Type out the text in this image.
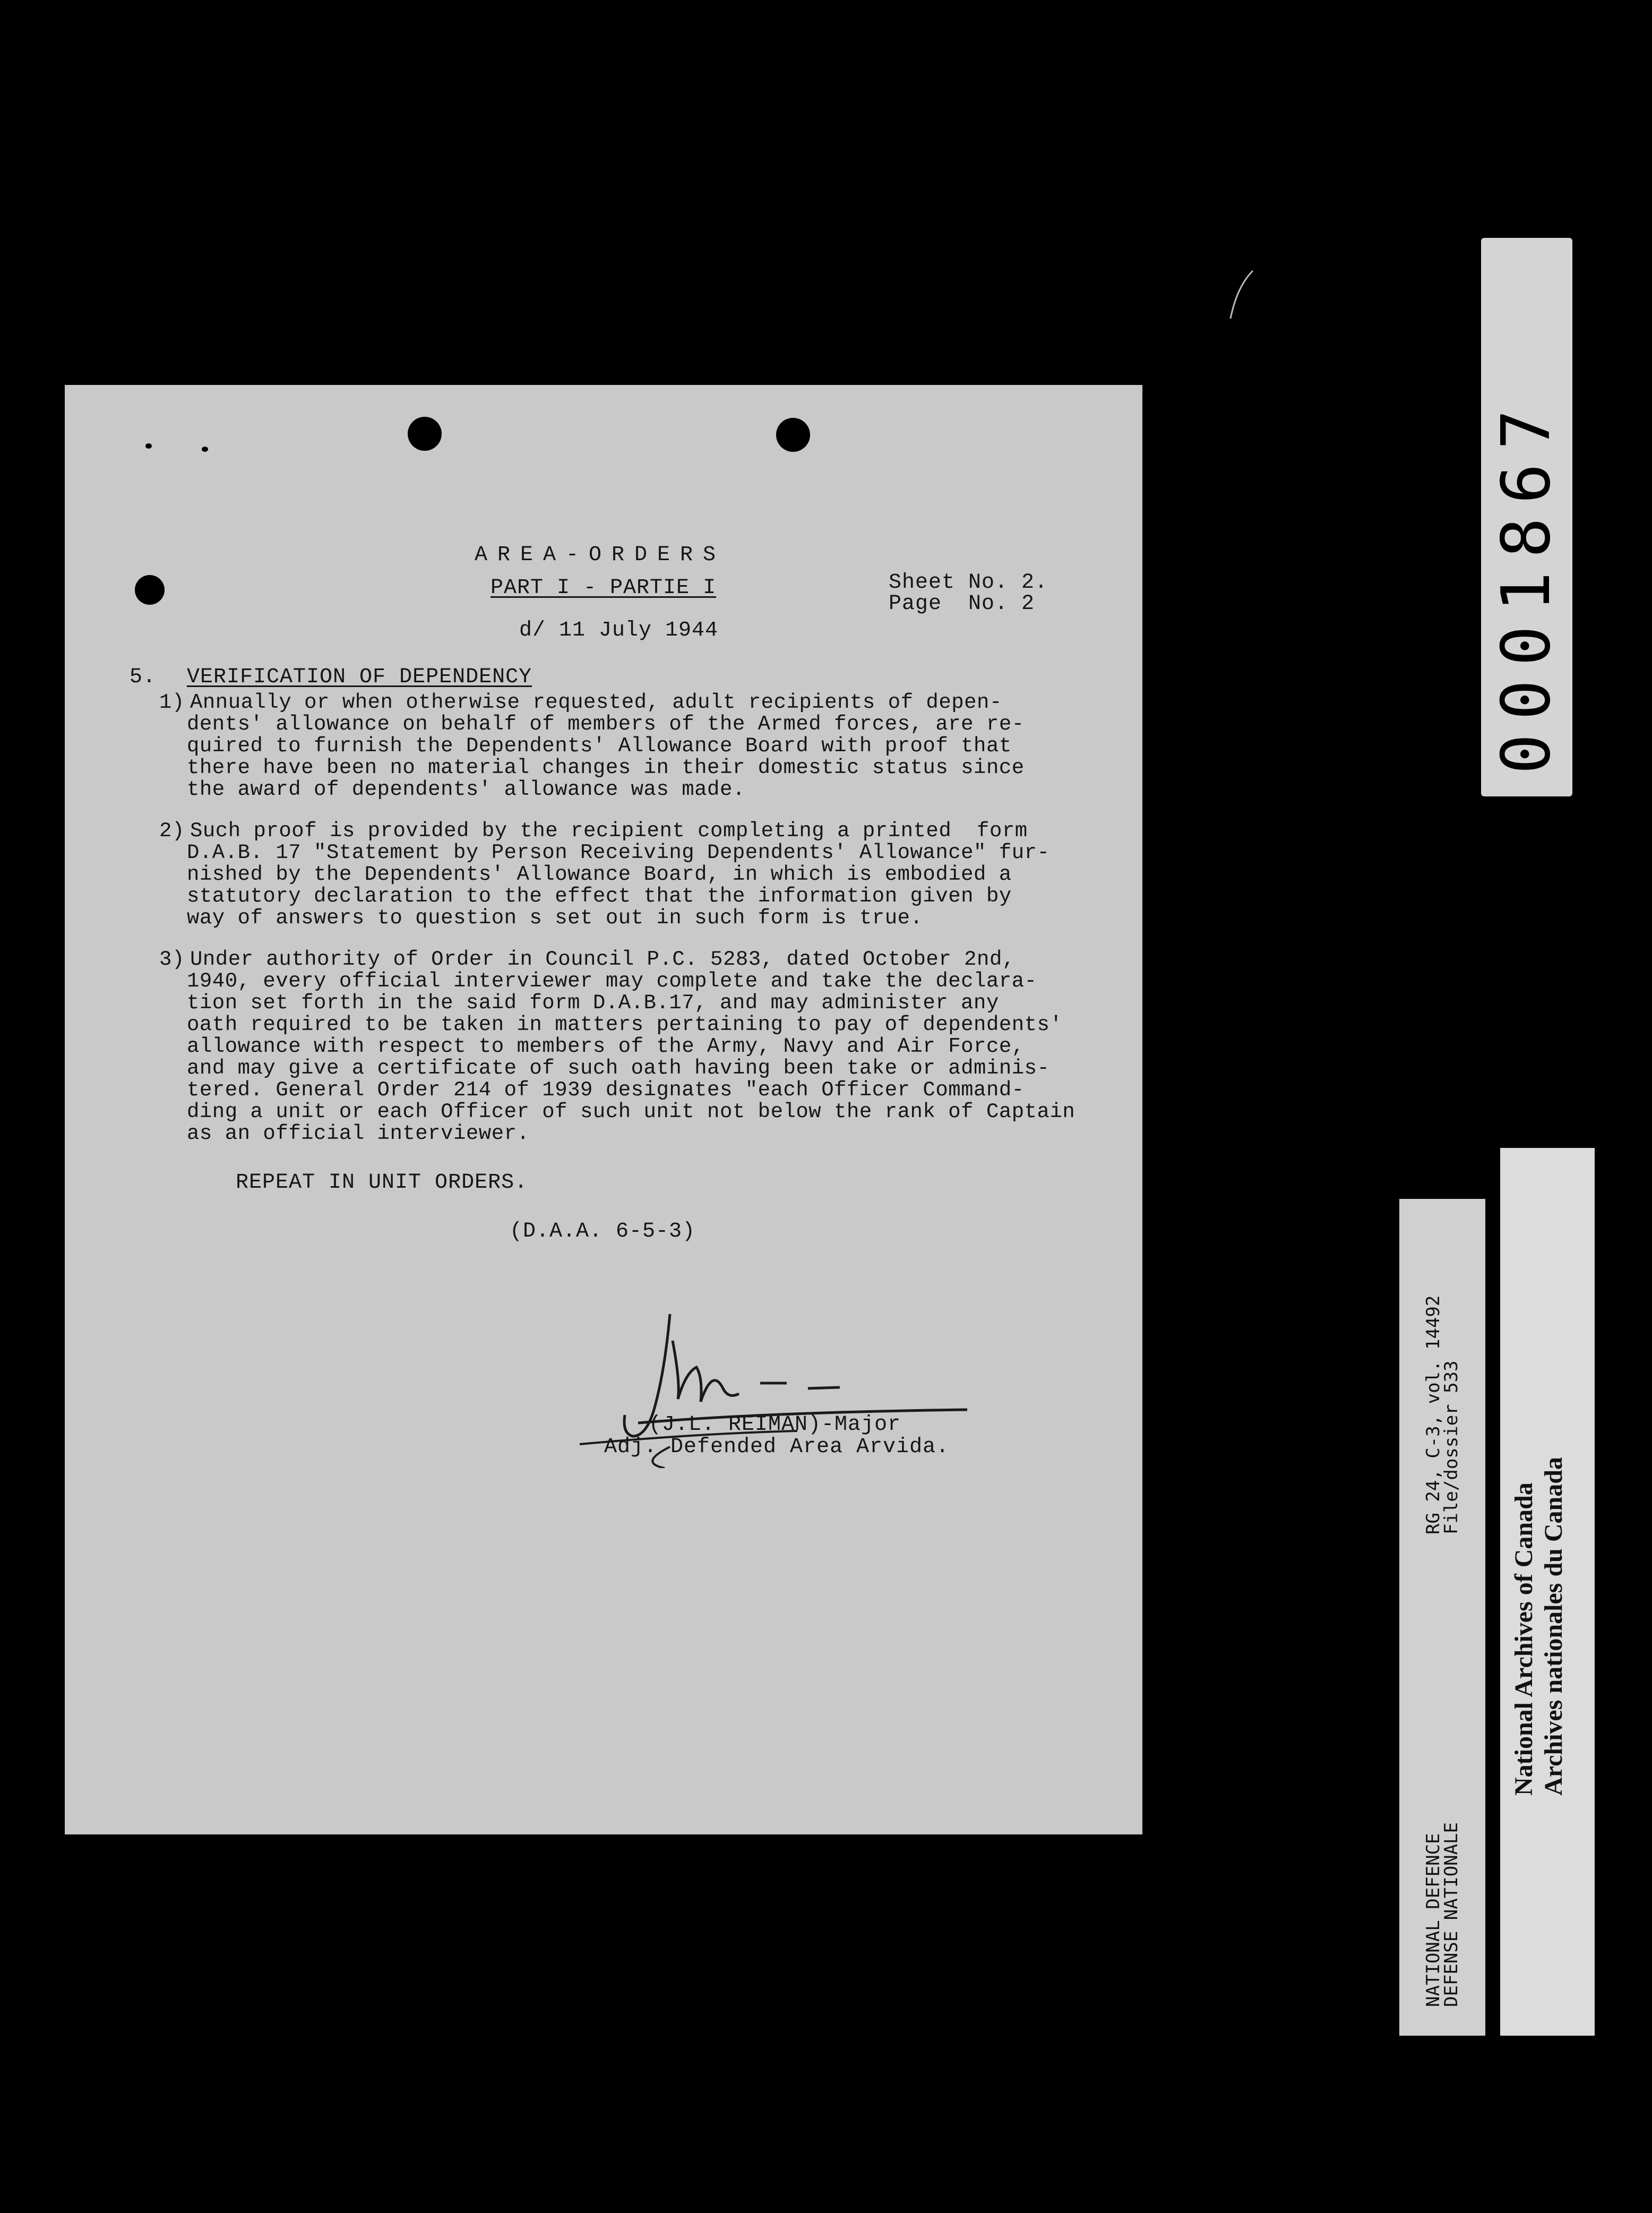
AREA-ORDERS
PART I - PARTIE I
d/ 11 July 1944
Sheet No. 2.
Page  No. 2
5. VERIFICATION OF DEPENDENCY
1) Annually or when otherwise requested, adult recipients of depen-
dents' allowance on behalf of members of the Armed forces, are re-
quired to furnish the Dependents' Allowance Board with proof that
there have been no material changes in their domestic status since
the award of dependents' allowance was made.
2) Such proof is provided by the recipient completing a printed  form
D.A.B. 17 "Statement by Person Receiving Dependents' Allowance" fur-
nished by the Dependents' Allowance Board, in which is embodied a
statutory declaration to the effect that the information given by
way of answers to question s set out in such form is true.
3) Under authority of Order in Council P.C. 5283, dated October 2nd,
1940, every official interviewer may complete and take the declara-
tion set forth in the said form D.A.B.17, and may administer any
oath required to be taken in matters pertaining to pay of dependents'
allowance with respect to members of the Army, Navy and Air Force,
and may give a certificate of such oath having been take or adminis-
tered. General Order 214 of 1939 designates "each Officer Command-
ding a unit or each Officer of such unit not below the rank of Captain
as an official interviewer.
REPEAT IN UNIT ORDERS.
(D.A.A. 6-5-3)
(J.L. REIMAN)-Major
Adj. Defended Area Arvida.
0001867
NATIONAL DEFENCE
DEFENSE NATIONALE
RG 24, C-3, vol. 14492
File/dossier 533
National Archives of Canada Archives nationales du Canada
